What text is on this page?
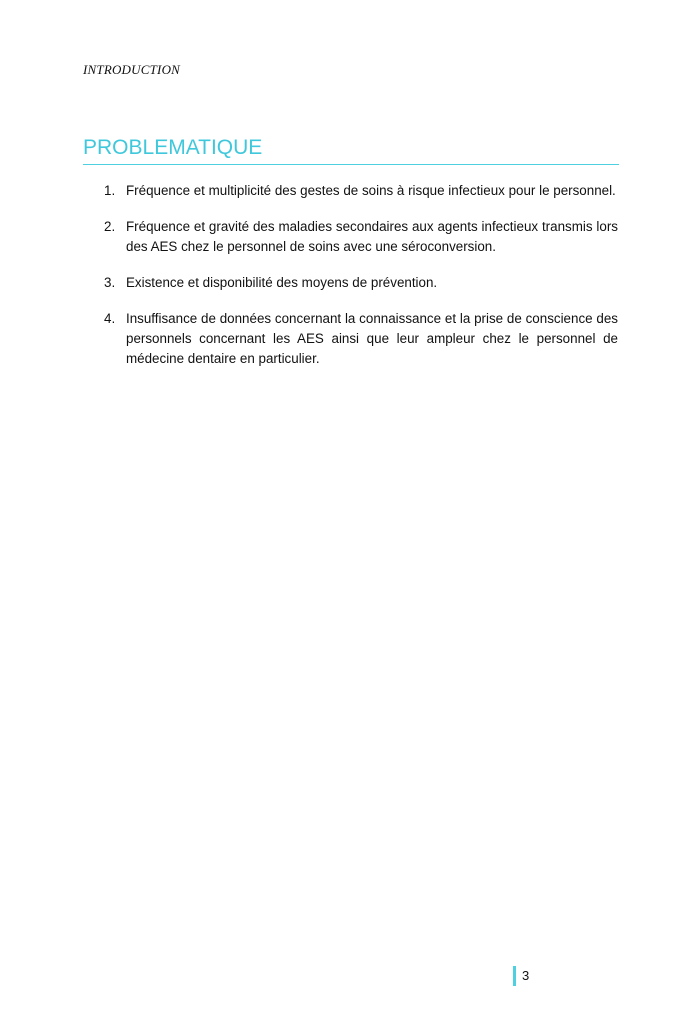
INTRODUCTION
PROBLEMATIQUE
1. Fréquence et multiplicité des gestes de soins à risque infectieux pour le personnel.
2. Fréquence et gravité des maladies secondaires aux agents infectieux transmis lors des AES chez le personnel de soins avec une séroconversion.
3. Existence et disponibilité des moyens de prévention.
4. Insuffisance de données concernant la connaissance et la prise de conscience des personnels concernant les AES ainsi que leur ampleur chez le personnel de médecine dentaire en particulier.
3
